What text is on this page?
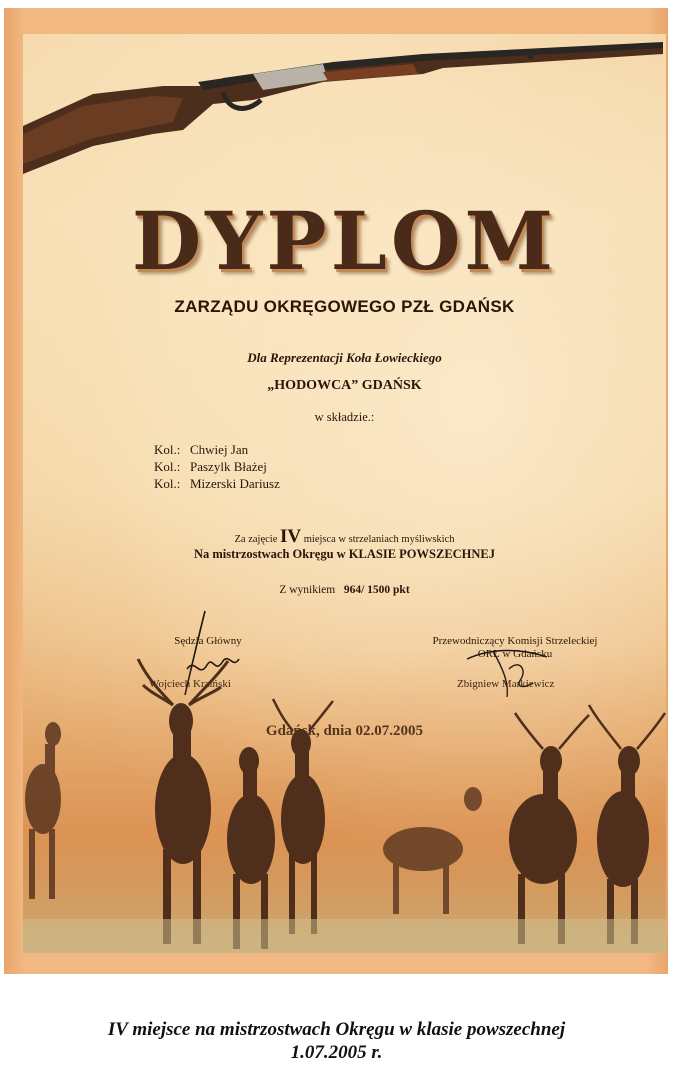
DYPLOM
ZARZĄDU OKRĘGOWEGO PZŁ GDAŃSK
Dla Reprezentacji Koła Łowieckiego
„HODOWCA” GDAŃSK
w składzie.:
Kol.: Chwiej Jan
Kol.: Paszylk Błażej
Kol.: Mizerski Dariusz
Za zajęcie IV miejsca w strzelaniach myśliwskich
Na mistrzostwach Okręgu w KLASIE POWSZECHNEJ
Z wynikiem 964/ 1500 pkt
Sędzia Główny	Przewodniczący Komisji Strzeleckiej
IV miejsce na mistrzostwach Okręgu w klasie powszechnej
1.07.2005 r.
